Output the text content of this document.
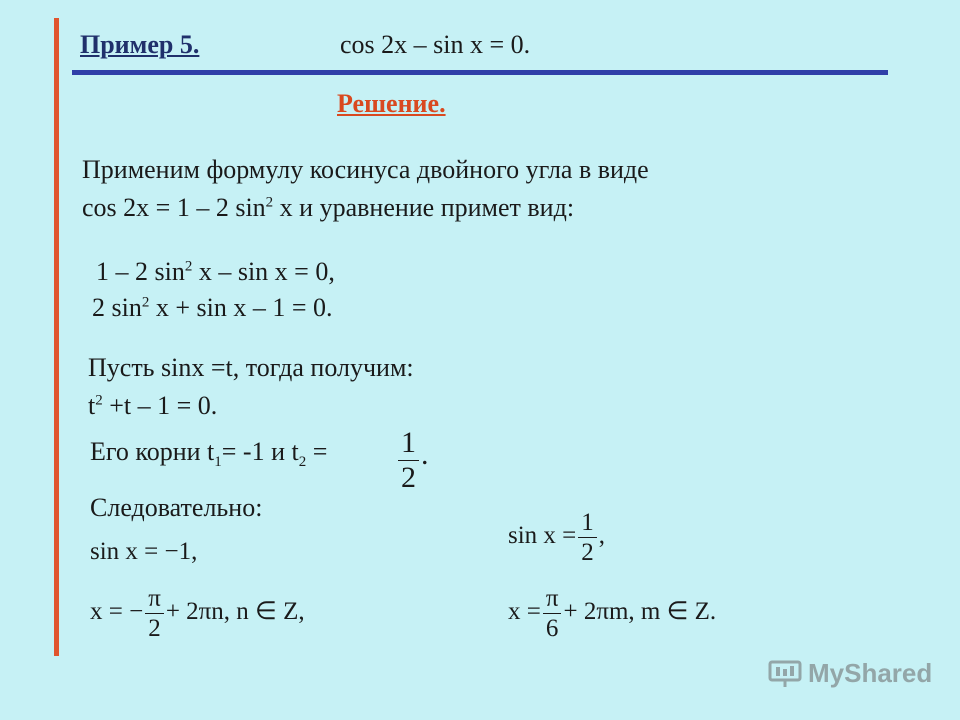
Пример 5.	cos 2x – sin x = 0.
Решение.
Применим формулу косинуса двойного угла в виде
cos 2x = 1 – 2 $\sin^2 x$ и уравнение примет вид:
1 – 2 $\sin^2 x - \sin x = 0$,
2 $\sin^2 x + \sin x - 1 = 0$.
Пусть sinx =t, тогда получим:
$t^2 +t - 1 = 0$.
Его корни $t_1= -1$ и $t_2 = \frac{1}{2}$ .
Следовательно:
sin x = −1,
x = − $\frac{\pi}{2} + 2\pi n$, n ∈ Z,
$\sin x = \frac{1}{2}$ ,
$x = \frac{\pi}{6} + 2\pi m$, m ∈ Z.
MyShared
